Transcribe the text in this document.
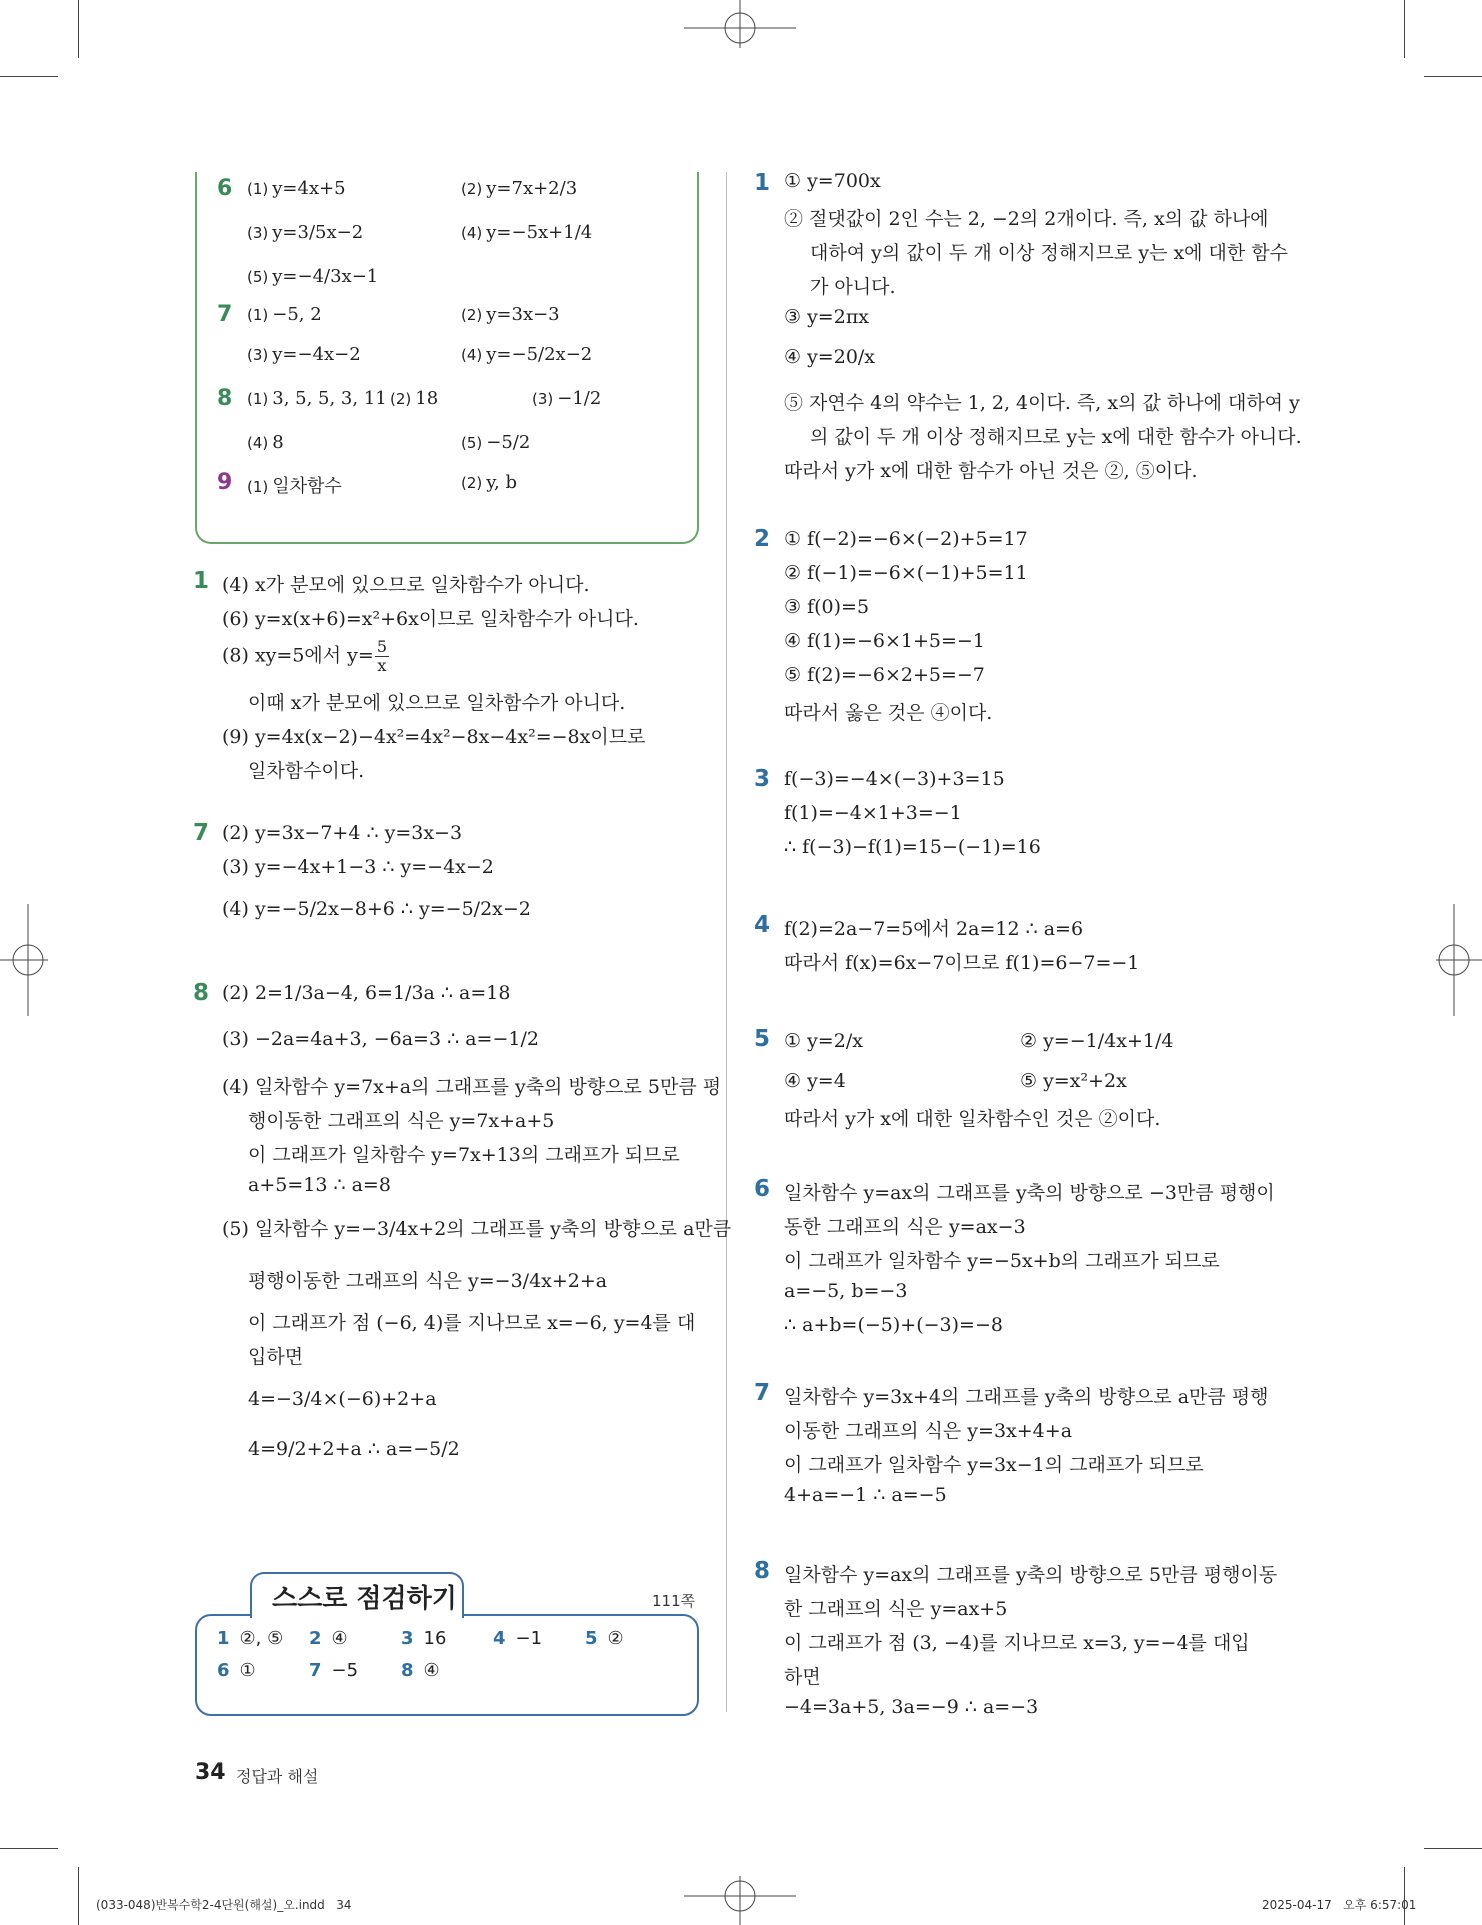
6 (1) y=4x+5	(2) y=7x+2/3
(3) y=3/5x−2	(4) y=−5x+1/4
(5) y=−4/3x−1
7 (1) −5, 2	(2) y=3x−3
(3) y=−4x−2	(4) y=−5/2x−2
8 (1) 3, 5, 5, 3, 11 (2) 18	(3) −1/2
(4) 8	(5) −5/2
9 (1) 일차함수	(2) y, b
1 (4) x가 분모에 있으므로 일차함수가 아니다.
(6) y=x(x+6)=x²+6x이므로 일차함수가 아니다.
(8) xy=5에서 $y= \frac{5}{x}$
이때 x가 분모에 있으므로 일차함수가 아니다.
(9) y=4x(x−2)−4x²=4x²−8x−4x²=−8x이므로
일차함수이다.
7 (2) y=3x−7+4 ∴ y=3x−3
(3) y=−4x+1−3 ∴ y=−4x−2
(4) y=−5/2x−8+6 ∴ y=−5/2x−2
8 (2) 2=1/3a−4, 6=1/3a ∴ a=18
(3) −2a=4a+3, −6a=3 ∴ a=−1/2
(4) 일차함수 y=7x+a의 그래프를 y축의 방향으로 5만큼 평
행이동한 그래프의 식은 y=7x+a+5
이 그래프가 일차함수 y=7x+13의 그래프가 되므로
a+5=13 ∴ a=8
(5) 일차함수 y=−3/4x+2의 그래프를 y축의 방향으로 a만큼
평행이동한 그래프의 식은 y=−3/4x+2+a
이 그래프가 점 (−6, 4)를 지나므로 x=−6, y=4를 대
입하면
4=−3/4×(−6)+2+a
4=9/2+2+a ∴ a=−5/2
스스로 점검하기	111쪽
1 ②, ⑤ 2 ④	3 16	4 −1 5 ②
6 ①	7 −5 8 ④
1 ① y=700x
② 절댓값이 2인 수는 2, −2의 2개이다. 즉, x의 값 하나에
대하여 y의 값이 두 개 이상 정해지므로 y는 x에 대한 함수
가 아니다.
③ y=2πx
④ y=20/x
⑤ 자연수 4의 약수는 1, 2, 4이다. 즉, x의 값 하나에 대하여 y
의 값이 두 개 이상 정해지므로 y는 x에 대한 함수가 아니다.
따라서 y가 x에 대한 함수가 아닌 것은 ②, ⑤이다.
2 ① f(−2)=−6×(−2)+5=17
② f(−1)=−6×(−1)+5=11
③ f(0)=5
④ f(1)=−6×1+5=−1
⑤ f(2)=−6×2+5=−7
따라서 옳은 것은 ④이다.
3 f(−3)=−4×(−3)+3=15
f(1)=−4×1+3=−1
∴ f(−3)−f(1)=15−(−1)=16
4 f(2)=2a−7=5에서 2a=12 ∴ a=6
따라서 f(x)=6x−7이므로 f(1)=6−7=−1
5 ① y=2/x	② y=−1/4x+1/4
④ y=4	⑤ y=x²+2x
따라서 y가 x에 대한 일차함수인 것은 ②이다.
6 일차함수 y=ax의 그래프를 y축의 방향으로 −3만큼 평행이
동한 그래프의 식은 y=ax−3
이 그래프가 일차함수 y=−5x+b의 그래프가 되므로
a=−5, b=−3
∴ a+b=(−5)+(−3)=−8
7 일차함수 y=3x+4의 그래프를 y축의 방향으로 a만큼 평행
이동한 그래프의 식은 y=3x+4+a
이 그래프가 일차함수 y=3x−1의 그래프가 되므로
4+a=−1 ∴ a=−5
8 일차함수 y=ax의 그래프를 y축의 방향으로 5만큼 평행이동
한 그래프의 식은 y=ax+5
이 그래프가 점 (3, −4)를 지나므로 x=3, y=−4를 대입
하면
−4=3a+5, 3a=−9 ∴ a=−3
34 정답과 해설
(033-048)반복수학2-4단원(해설)_오.indd   34	2025-04-17   오후 6:57:01
